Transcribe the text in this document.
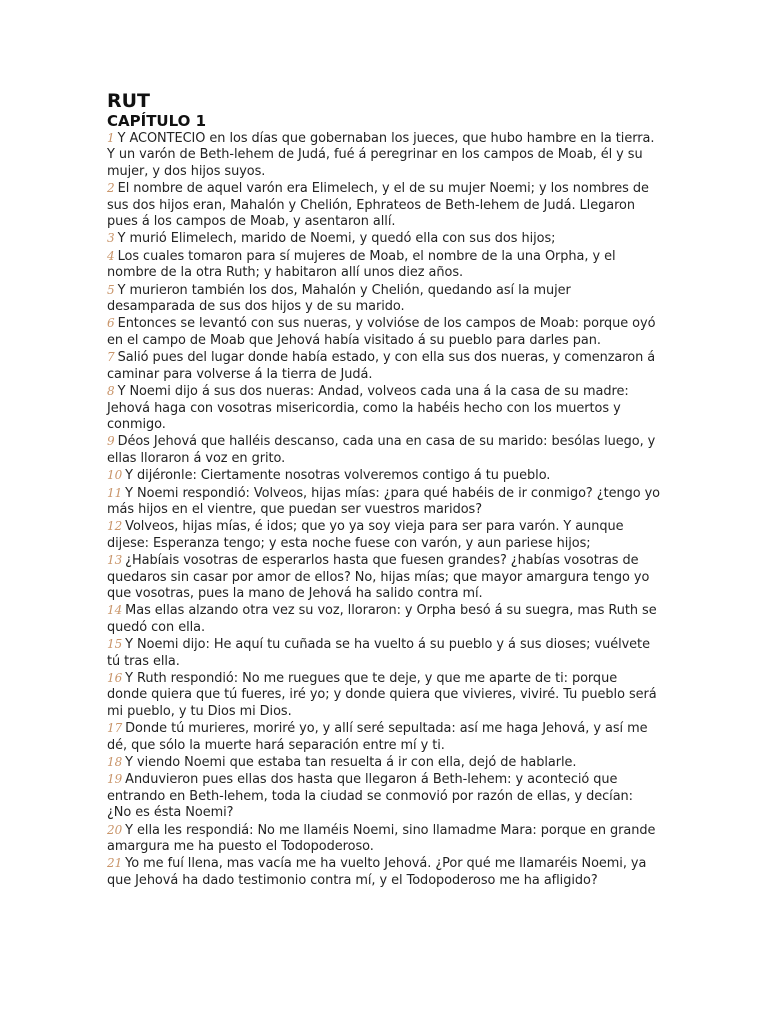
RUT
CAPÍTULO 1

1 Y ACONTECIO en los días que gobernaban los jueces, que hubo hambre en la tierra. Y un varón de Beth-lehem de Judá, fué á peregrinar en los campos de Moab, él y su mujer, y dos hijos suyos.

2 El nombre de aquel varón era Elimelech, y el de su mujer Noemi; y los nombres de sus dos hijos eran, Mahalón y Chelión, Ephrateos de Beth-lehem de Judá. Llegaron pues á los campos de Moab, y asentaron allí.

3 Y murió Elimelech, marido de Noemi, y quedó ella con sus dos hijos;

4 Los cuales tomaron para sí mujeres de Moab, el nombre de la una Orpha, y el nombre de la otra Ruth; y habitaron allí unos diez años.

5 Y murieron también los dos, Mahalón y Chelión, quedando así la mujer desamparada de sus dos hijos y de su marido.

6 Entonces se levantó con sus nueras, y volvióse de los campos de Moab: porque oyó en el campo de Moab que Jehová había visitado á su pueblo para darles pan.

7 Salió pues del lugar donde había estado, y con ella sus dos nueras, y comenzaron á caminar para volverse á la tierra de Judá.

8 Y Noemi dijo á sus dos nueras: Andad, volveos cada una á la casa de su madre: Jehová haga con vosotras misericordia, como la habéis hecho con los muertos y conmigo.

9 Déos Jehová que halléis descanso, cada una en casa de su marido: besólas luego, y ellas lloraron á voz en grito.

10 Y dijéronle: Ciertamente nosotras volveremos contigo á tu pueblo.

11 Y Noemi respondió: Volveos, hijas mías: ¿para qué habéis de ir conmigo? ¿tengo yo más hijos en el vientre, que puedan ser vuestros maridos?

12 Volveos, hijas mías, é idos; que yo ya soy vieja para ser para varón. Y aunque dijese: Esperanza tengo; y esta noche fuese con varón, y aun pariese hijos;

13 ¿Habíais vosotras de esperarlos hasta que fuesen grandes? ¿habías vosotras de quedaros sin casar por amor de ellos? No, hijas mías; que mayor amargura tengo yo que vosotras, pues la mano de Jehová ha salido contra mí.

14 Mas ellas alzando otra vez su voz, lloraron: y Orpha besó á su suegra, mas Ruth se quedó con ella.

15 Y Noemi dijo: He aquí tu cuñada se ha vuelto á su pueblo y á sus dioses; vuélvete tú tras ella.

16 Y Ruth respondió: No me ruegues que te deje, y que me aparte de ti: porque donde quiera que tú fueres, iré yo; y donde quiera que vivieres, viviré. Tu pueblo será mi pueblo, y tu Dios mi Dios.

17 Donde tú murieres, moriré yo, y allí seré sepultada: así me haga Jehová, y así me dé, que sólo la muerte hará separación entre mí y ti.

18 Y viendo Noemi que estaba tan resuelta á ir con ella, dejó de hablarle.

19 Anduvieron pues ellas dos hasta que llegaron á Beth-lehem: y aconteció que entrando en Beth-lehem, toda la ciudad se conmovió por razón de ellas, y decían: ¿No es ésta Noemi?

20 Y ella les respondiá: No me llaméis Noemi, sino llamadme Mara: porque en grande amargura me ha puesto el Todopoderoso.

21 Yo me fuí llena, mas vacía me ha vuelto Jehová. ¿Por qué me llamaréis Noemi, ya que Jehová ha dado testimonio contra mí, y el Todopoderoso me ha afligido?
